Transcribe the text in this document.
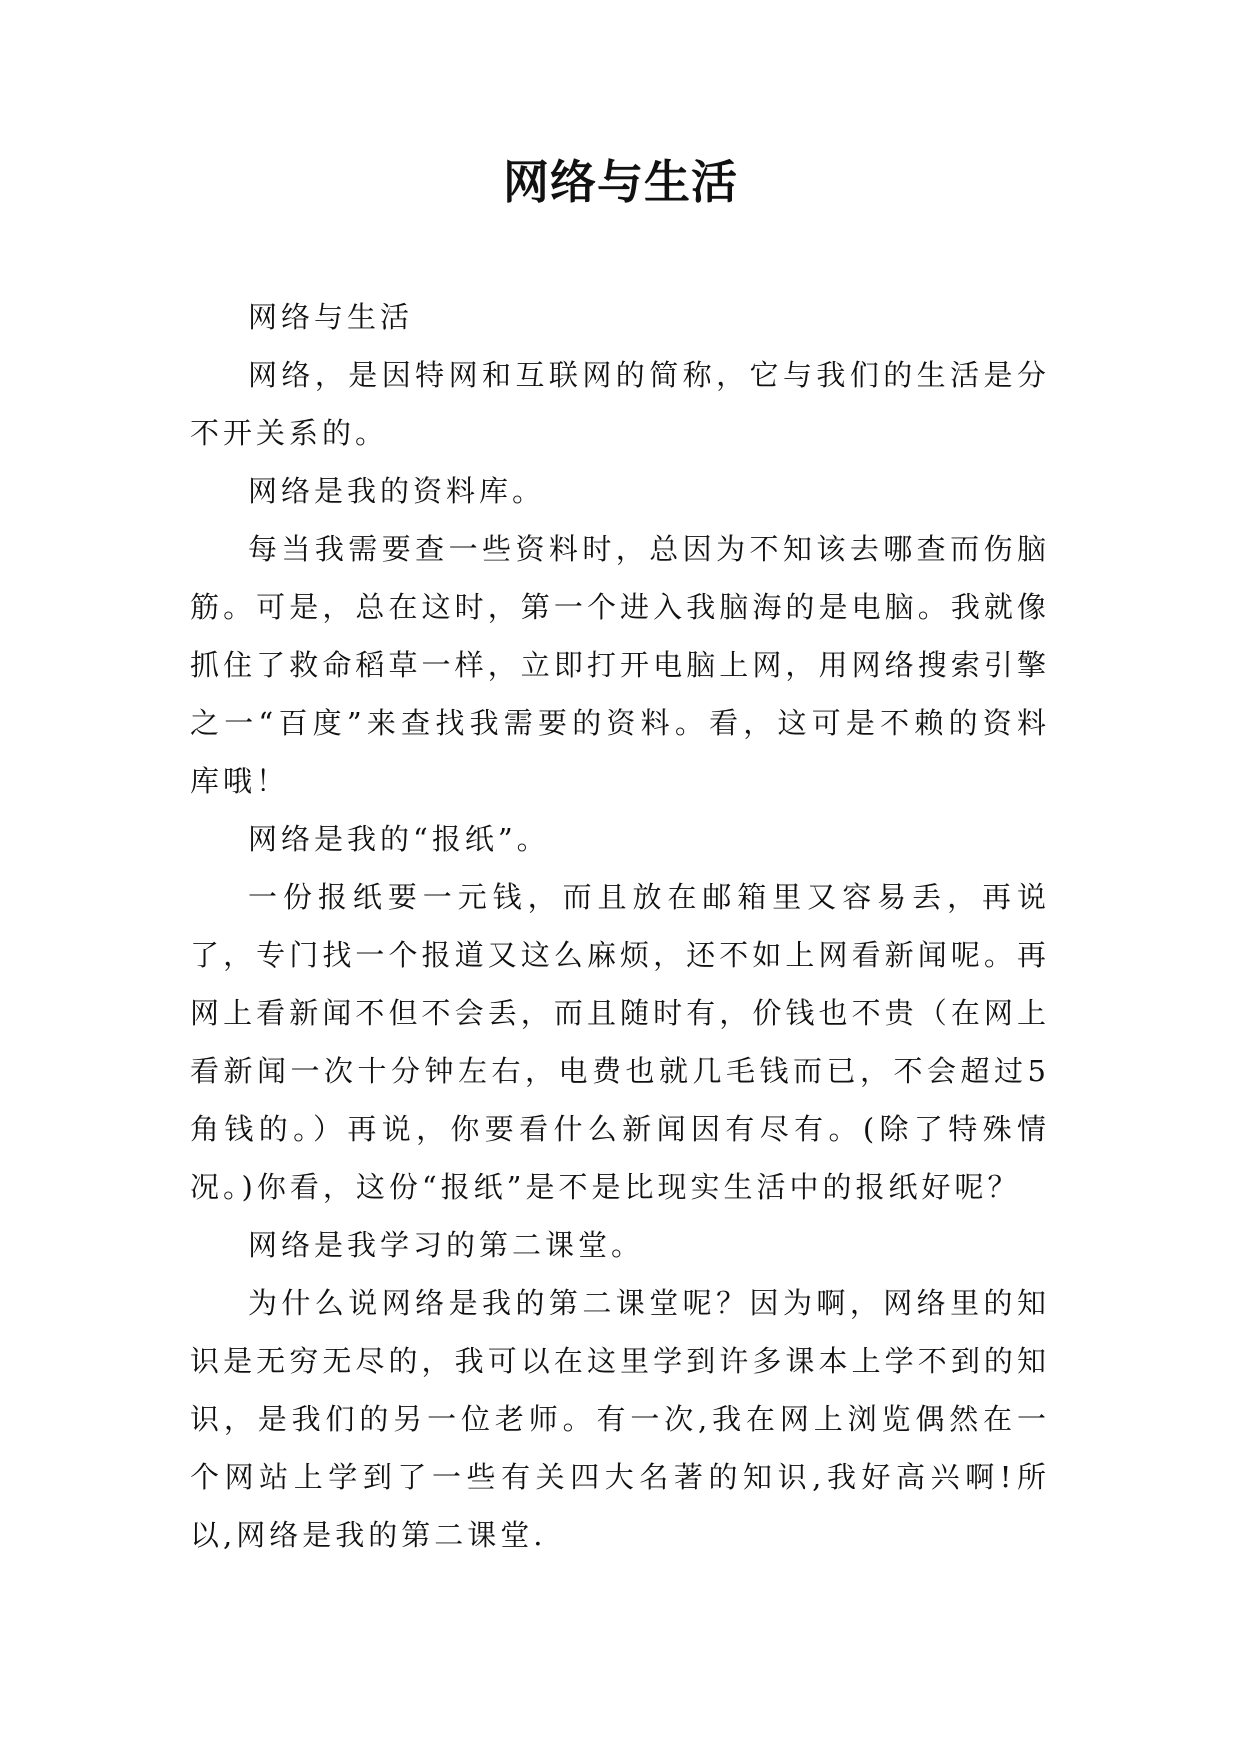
网络与生活

网络与生活

网络，是因特网和互联网的简称，它与我们的生活是分不开关系的。

网络是我的资料库。

每当我需要查一些资料时，总因为不知该去哪查而伤脑筋。可是，总在这时，第一个进入我脑海的是电脑。我就像抓住了救命稻草一样，立即打开电脑上网，用网络搜索引擎之一“百度”来查找我需要的资料。看，这可是不赖的资料库哦！

网络是我的“报纸”。

一份报纸要一元钱，而且放在邮箱里又容易丢，再说了，专门找一个报道又这么麻烦，还不如上网看新闻呢。再网上看新闻不但不会丢，而且随时有，价钱也不贵（在网上看新闻一次十分钟左右，电费也就几毛钱而已，不会超过5角钱的。）再说，你要看什么新闻因有尽有。(除了特殊情况。)你看，这份“报纸”是不是比现实生活中的报纸好呢？

网络是我学习的第二课堂。

为什么说网络是我的第二课堂呢？因为啊，网络里的知识是无穷无尽的，我可以在这里学到许多课本上学不到的知识，是我们的另一位老师。有一次,我在网上浏览偶然在一个网站上学到了一些有关四大名著的知识,我好高兴啊!所以,网络是我的第二课堂.
